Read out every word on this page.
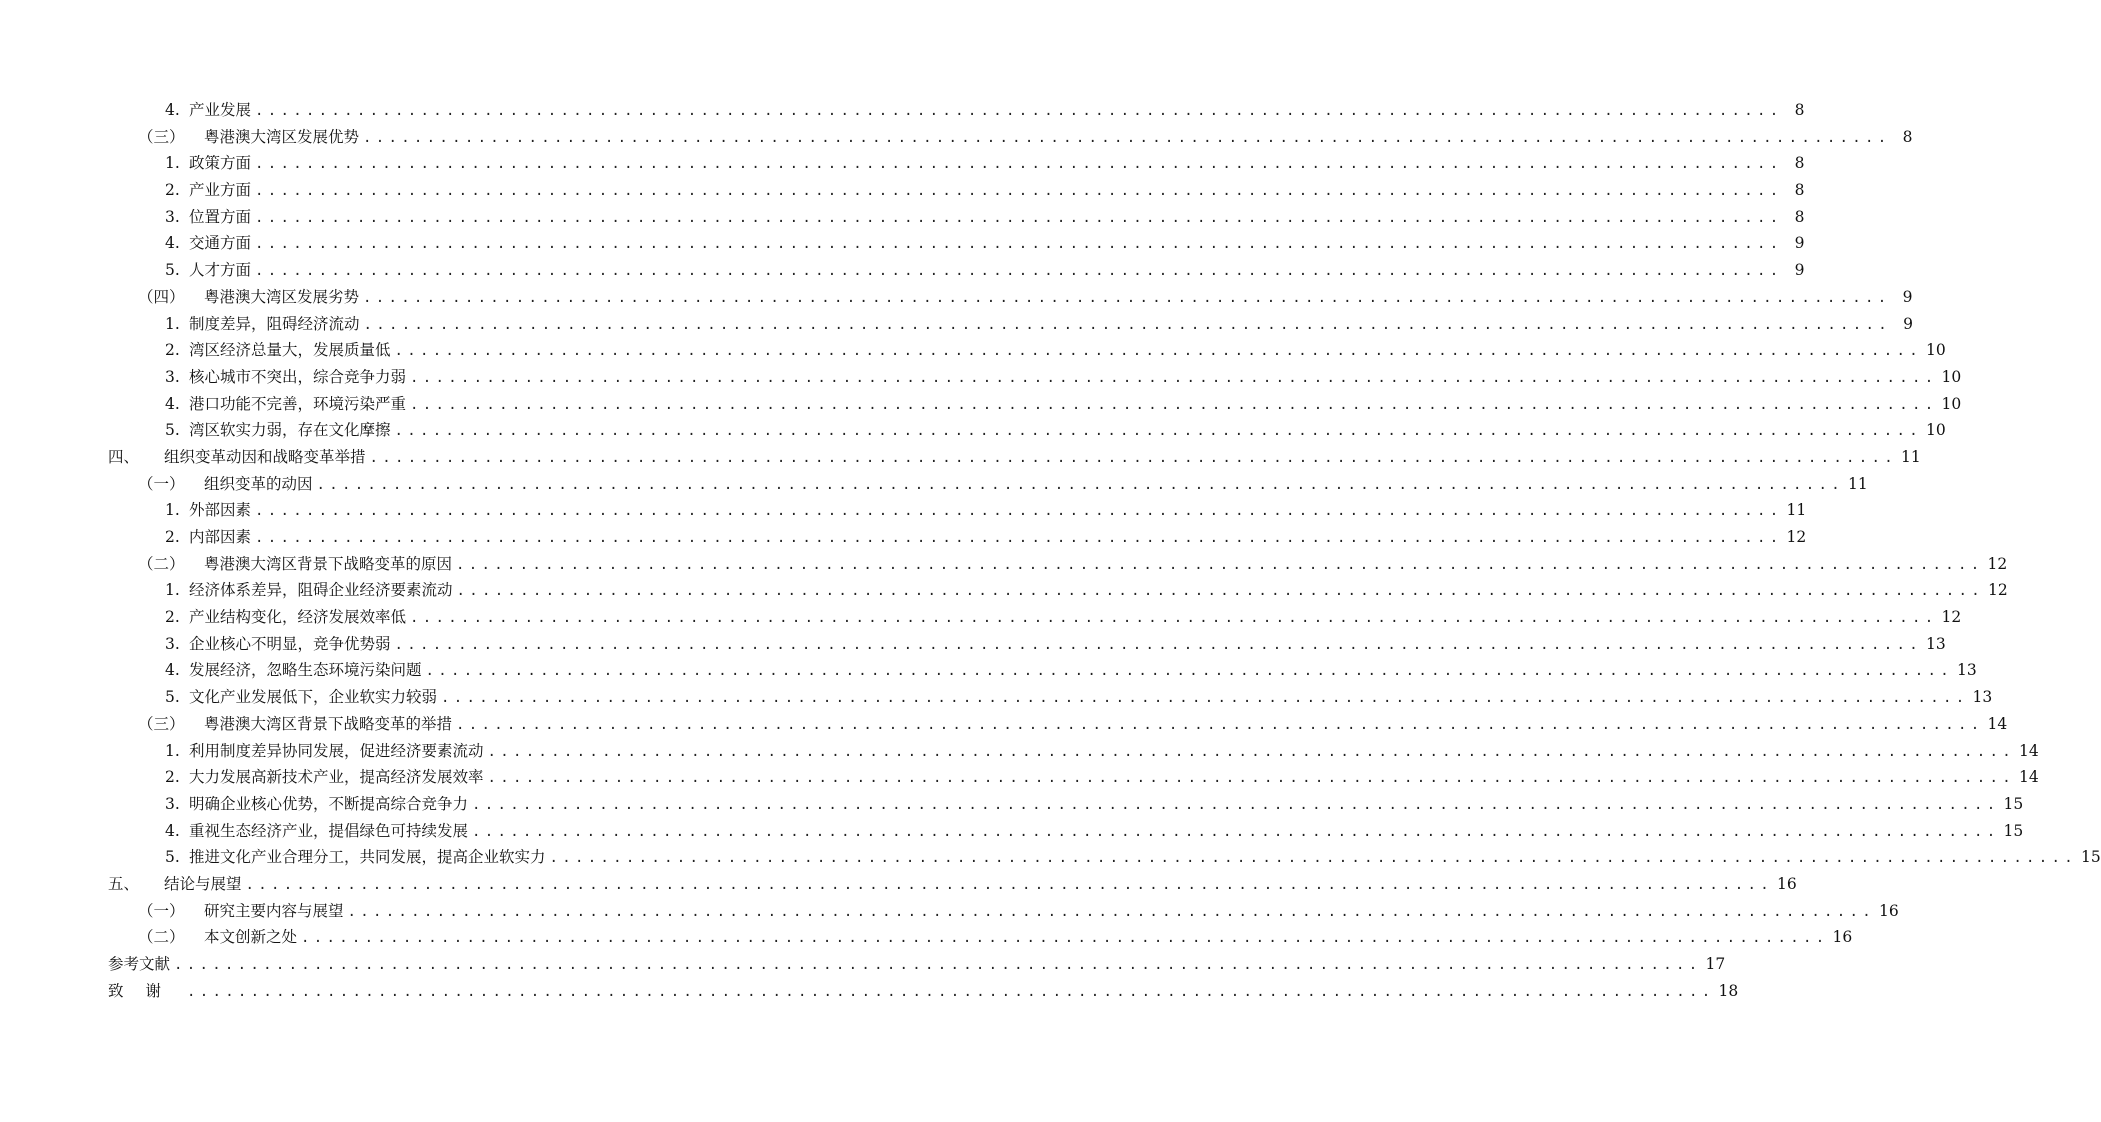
4. 产业发展 ........................................................................................................................ 8
（三）	粤港澳大湾区发展优势 ........................................................................................................................ 8
1. 政策方面 ........................................................................................................................ 8
2. 产业方面 ........................................................................................................................ 8
3. 位置方面 ........................................................................................................................ 8
4. 交通方面 ........................................................................................................................ 9
5. 人才方面 ........................................................................................................................ 9
（四）	粤港澳大湾区发展劣势 ........................................................................................................................ 9
1. 制度差异，阻碍经济流动 ........................................................................................................................ 9
2. 湾区经济总量大，发展质量低 ........................................................................................................................ 10
3. 核心城市不突出，综合竞争力弱 ........................................................................................................................ 10
4. 港口功能不完善，环境污染严重 ........................................................................................................................ 10
5. 湾区软实力弱，存在文化摩擦 ........................................................................................................................ 10
四、	组织变革动因和战略变革举措 ........................................................................................................................ 11
（一）	组织变革的动因 ........................................................................................................................ 11
1. 外部因素 ........................................................................................................................ 11
2. 内部因素 ........................................................................................................................ 12
（二）	粤港澳大湾区背景下战略变革的原因 ........................................................................................................................ 12
1. 经济体系差异，阻碍企业经济要素流动 ........................................................................................................................ 12
2. 产业结构变化，经济发展效率低 ........................................................................................................................ 12
3. 企业核心不明显，竞争优势弱 ........................................................................................................................ 13
4. 发展经济，忽略生态环境污染问题 ........................................................................................................................ 13
5. 文化产业发展低下，企业软实力较弱 ........................................................................................................................ 13
（三）	粤港澳大湾区背景下战略变革的举措 ........................................................................................................................ 14
1. 利用制度差异协同发展，促进经济要素流动 ........................................................................................................................ 14
2. 大力发展高新技术产业，提高经济发展效率 ........................................................................................................................ 14
3. 明确企业核心优势，不断提高综合竞争力 ........................................................................................................................ 15
4. 重视生态经济产业，提倡绿色可持续发展 ........................................................................................................................ 15
5. 推进文化产业合理分工，共同发展，提高企业软实力 ........................................................................................................................ 15
五、	结论与展望 ........................................................................................................................ 16
（一）	研究主要内容与展望 ........................................................................................................................ 16
（二）	本文创新之处 ........................................................................................................................ 16
参考文献 ........................................................................................................................ 17
致谢 ........................................................................................................................ 18
